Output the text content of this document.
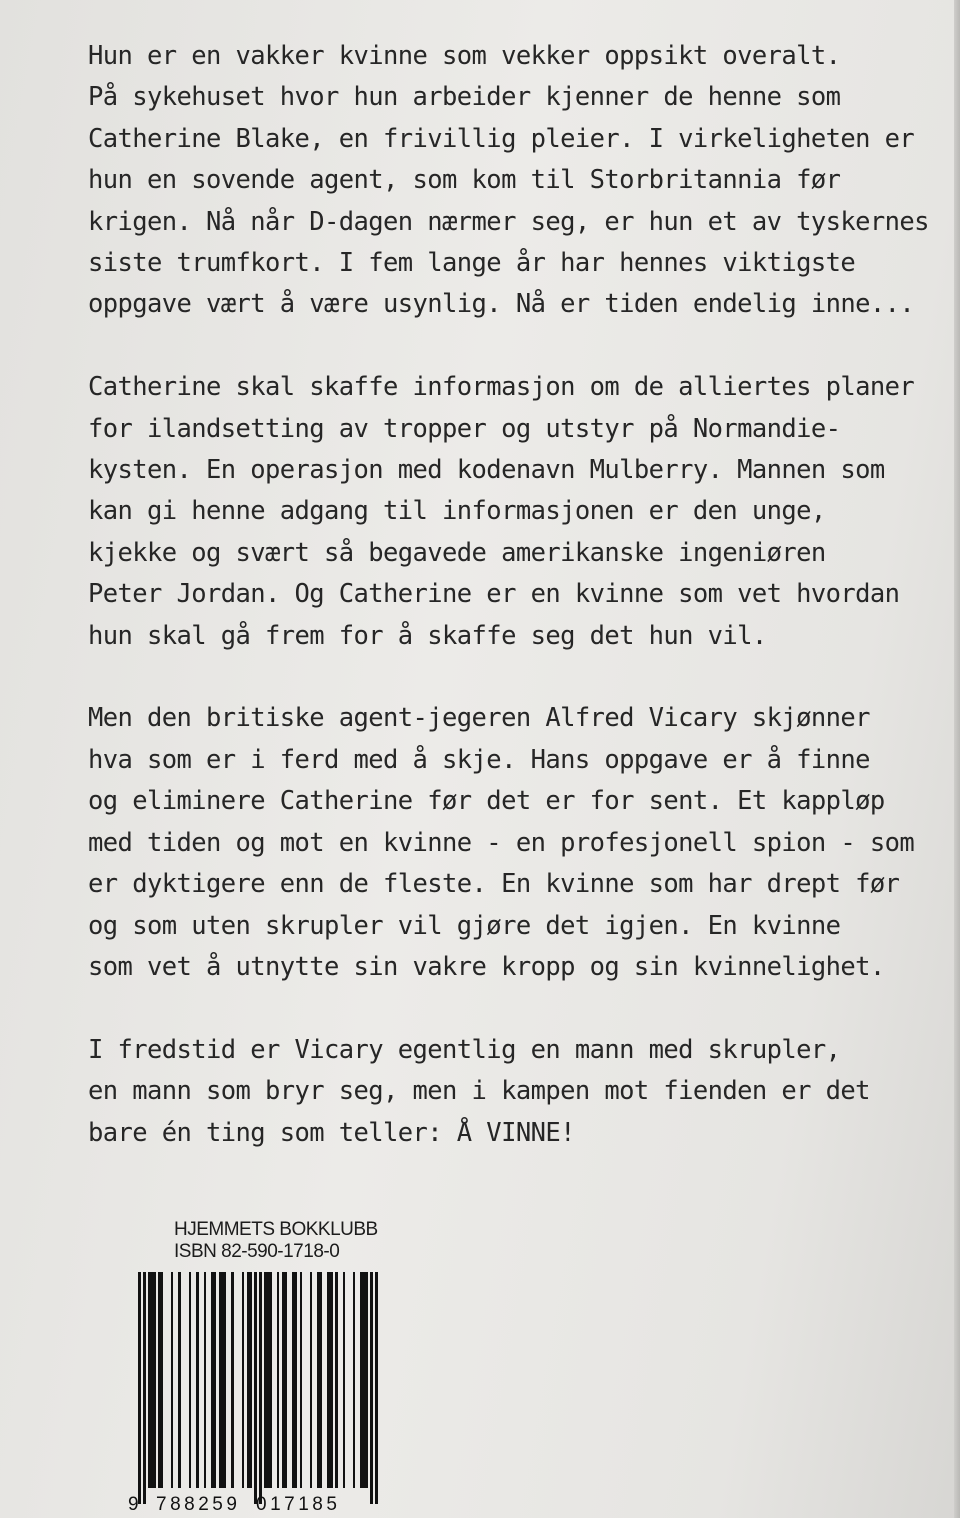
Hun er en vakker kvinne som vekker oppsikt overalt.
På sykehuset hvor hun arbeider kjenner de henne som
Catherine Blake, en frivillig pleier. I virkeligheten er
hun en sovende agent, som kom til Storbritannia før
krigen. Nå når D-dagen nærmer seg, er hun et av tyskernes
siste trumfkort. I fem lange år har hennes viktigste
oppgave vært å være usynlig. Nå er tiden endelig inne...
Catherine skal skaffe informasjon om de alliertes planer
for ilandsetting av tropper og utstyr på Normandie-
kysten. En operasjon med kodenavn Mulberry. Mannen som
kan gi henne adgang til informasjonen er den unge,
kjekke og svært så begavede amerikanske ingeniøren
Peter Jordan. Og Catherine er en kvinne som vet hvordan
hun skal gå frem for å skaffe seg det hun vil.
Men den britiske agent-jegeren Alfred Vicary skjønner
hva som er i ferd med å skje. Hans oppgave er å finne
og eliminere Catherine før det er for sent. Et kappløp
med tiden og mot en kvinne - en profesjonell spion - som
er dyktigere enn de fleste. En kvinne som har drept før
og som uten skrupler vil gjøre det igjen. En kvinne
som vet å utnytte sin vakre kropp og sin kvinnelighet.
I fredstid er Vicary egentlig en mann med skrupler,
en mann som bryr seg, men i kampen mot fienden er det
bare én ting som teller: Å VINNE!
HJEMMETS BOKKLUBB
ISBN 82-590-1718-0
9 788259 017185
